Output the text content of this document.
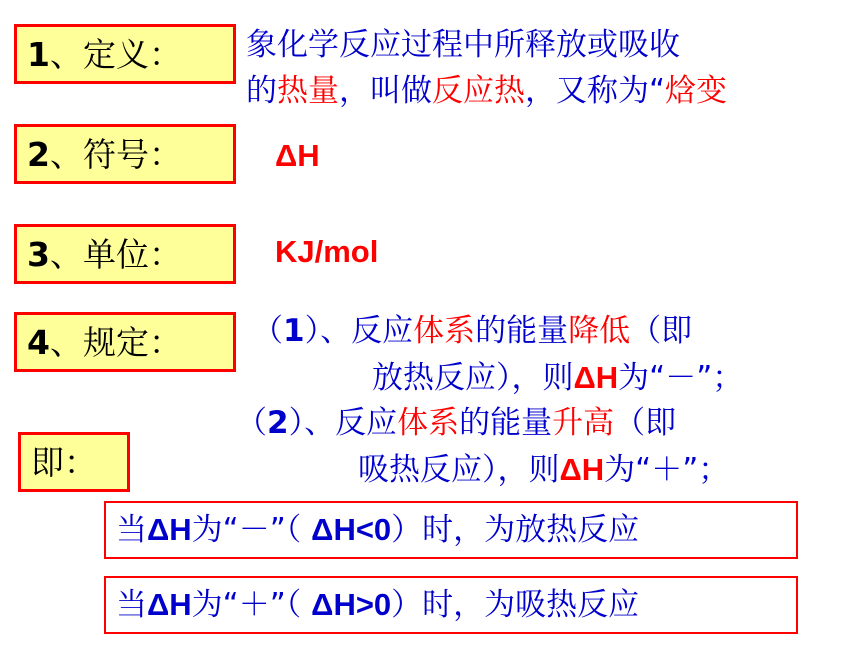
1 、定义：
2 、符号：
3 、单位：
4 、规定：
即：
象化学反应过程中所释放或吸收
的热量，叫做反应热，又称为“焓变
ΔH
KJ/mol
（1）、反应体系的能量降低（即
放热反应），则ΔH为“－”；
（2）、反应体系的能量升高（即
吸热反应），则ΔH为“＋”；
当ΔH为“－”（ ΔH<0）时，为放热反应
当ΔH为“＋”（ ΔH>0）时，为吸热反应
